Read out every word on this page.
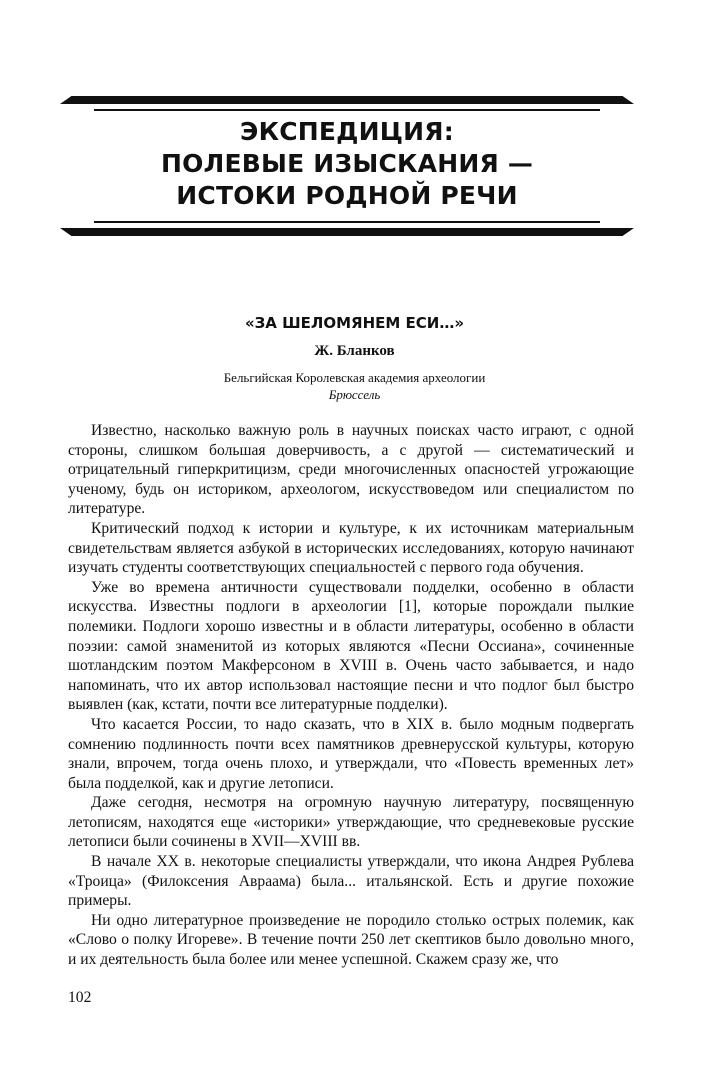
ЭКСПЕДИЦИЯ:
ПОЛЕВЫЕ ИЗЫСКАНИЯ —
ИСТОКИ РОДНОЙ РЕЧИ
«ЗА ШЕЛОМЯНЕМ ЕСИ…»

Ж. Бланков

Бельгийская Королевская академия археологии

Брюссель

Известно, насколько важную роль в научных поисках часто играют, с одной стороны, слишком большая доверчивость, а с другой — систематический и отрицательный гиперкритицизм, среди многочисленных опасностей угрожающие ученому, будь он историком, археологом, искусствоведом или специалистом по литературе.

Критический подход к истории и культуре, к их источникам материальным свидетельствам является азбукой в исторических исследованиях, которую начинают изучать студенты соответствующих специальностей с первого года обучения.

Уже во времена античности существовали подделки, особенно в области искусства. Известны подлоги в археологии [1], которые порождали пылкие полемики. Подлоги хорошо известны и в области литературы, особенно в области поэзии: самой знаменитой из которых являются «Песни Оссиана», сочиненные шотландским поэтом Макферсоном в XVIII в. Очень часто забывается, и надо напоминать, что их автор использовал настоящие песни и что подлог был быстро выявлен (как, кстати, почти все литературные подделки).

Что касается России, то надо сказать, что в XIX в. было модным подвергать сомнению подлинность почти всех памятников древнерусской культуры, которую знали, впрочем, тогда очень плохо, и утверждали, что «Повесть временных лет» была подделкой, как и другие летописи.

Даже сегодня, несмотря на огромную научную литературу, посвященную летописям, находятся еще «историки» утверждающие, что средневековые русские летописи были сочинены в XVII—XVIII вв.

В начале XX в. некоторые специалисты утверждали, что икона Андрея Рублева «Троица» (Филоксения Авраама) была... итальянской. Есть и другие похожие примеры.

Ни одно литературное произведение не породило столько острых полемик, как «Слово о полку Игореве». В течение почти 250 лет скептиков было довольно много, и их деятельность была более или менее успешной. Скажем сразу же, что

102
